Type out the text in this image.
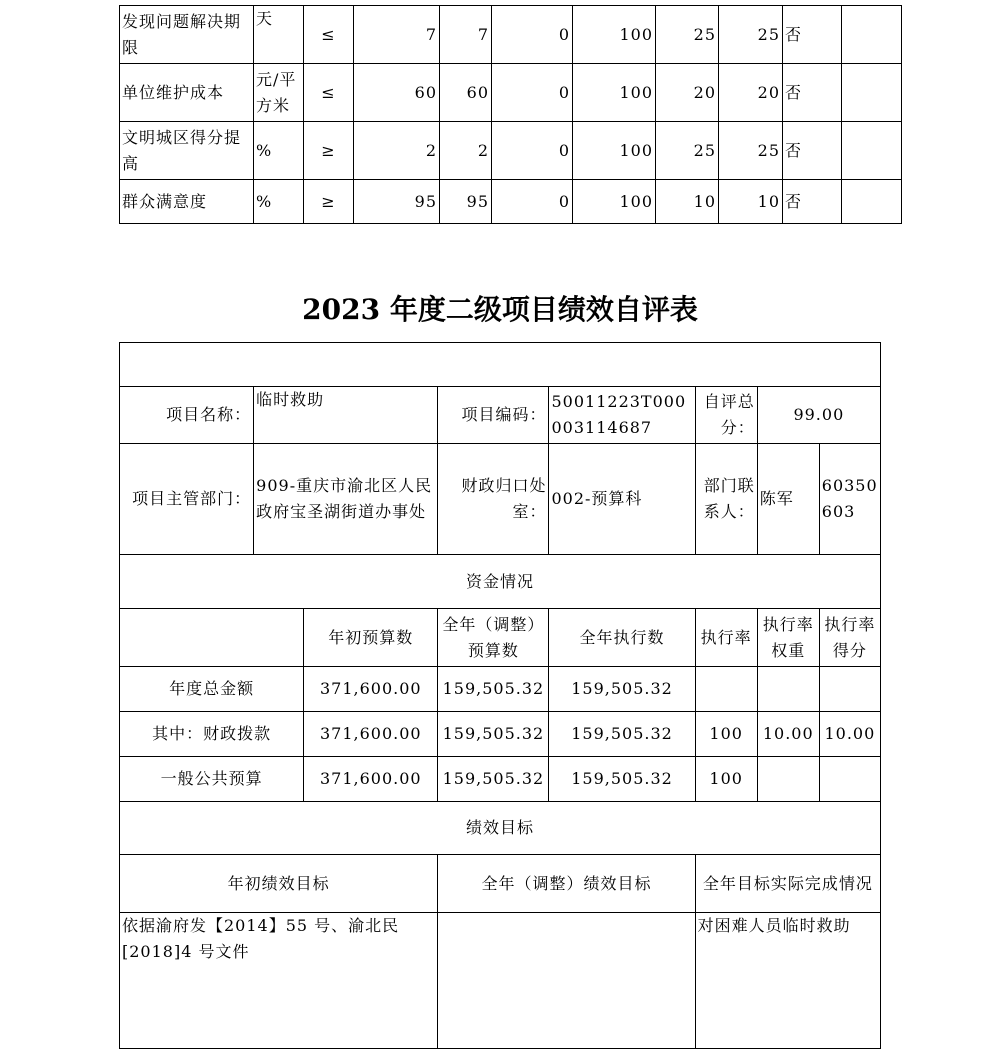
发现问题解决期限	天	≤	7	7	0	100	25	25	否	
单位维护成本	元/平方米	≤	60	60	0	100	20	20	否	
文明城区得分提高	%	≥	2	2	0	100	25	25	否	
群众满意度	%	≥	95	95	0	100	10	10	否	
2023 年度二级项目绩效自评表

项目名称：	临时救助		项目编码：	50011223T000003114687	自评总分：	99.00	
项目主管部门：	909-重庆市渝北区人民政府宝圣湖街道办事处		财政归口处室：	002-预算科	部门联系人：	陈军	60350603
资金情况							
		年初预算数	全年（调整）预算数	全年执行数	执行率	执行率权重	执行率得分
年度总金额		371,600.00	159,505.32	159,505.32			
其中：财政拨款		371,600.00	159,505.32	159,505.32	100	10.00	10.00
一般公共预算		371,600.00	159,505.32	159,505.32	100		
绩效目标							
年初绩效目标			全年（调整）绩效目标		全年目标实际完成情况		
依据渝府发【2014】55 号、渝北民[2018]4 号文件					对困难人员临时救助		
